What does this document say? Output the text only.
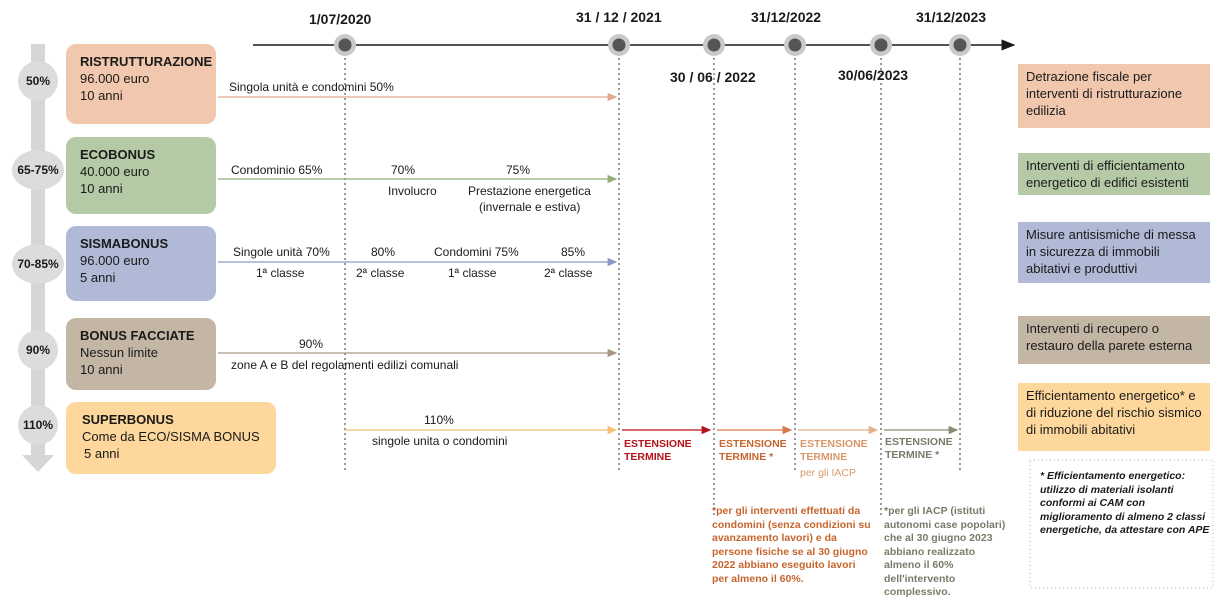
1/07/2020	31 / 12 / 2021	31/12/2022	31/12/2023
30 / 06 / 2022	30/06/2023
50%
65-75%
70-85%
90%
110%
RISTRUTTURAZIONE
96.000 euro
10 anni
ECOBONUS
40.000 euro
10 anni
SISMABONUS
96.000 euro
5 anni
BONUS FACCIATE
Nessun limite
10 anni
SUPERBONUS
Come da ECO/SISMA BONUS
5 anni
Singola unità e condomini 50%
Condominio 65%	70%
Involucro
75%
Prestazione energetica
(invernale e estiva)
Singole unità 70%
1ª classe
80%
2ª classe
Condomini 75%
1ª classe
85%
2ª classe
90%
zone A e B del regolamenti edilizi comunali
110%
singole unita o condomini	ESTENSIONE
TERMINE
ESTENSIONE
TERMINE *
ESTENSIONE
TERMINE
per gli IACP
ESTENSIONE
TERMINE *
Detrazione fiscale per interventi di ristrutturazione edilizia
Interventi di efficientamento energetico di edifici esistenti
Misure antisismiche di messa in sicurezza di immobili abitativi e produttivi
Interventi di recupero o restauro della parete esterna
Efficientamento energetico* e di riduzione del rischio sismico di immobili abitativi
*per gli interventi effettuati da condomini (senza condizioni su avanzamento lavori) e da persone fisiche se al 30 giugno 2022 abbiano eseguito lavori per almeno il 60%.
*per gli IACP (istituti autonomi case popolari) che al 30 giugno 2023 abbiano realizzato almeno il 60% dell'intervento complessivo.
* Efficientamento energetico: utilizzo di materiali isolanti conformi ai CAM con miglioramento di almeno 2 classi energetiche, da attestare con APE
